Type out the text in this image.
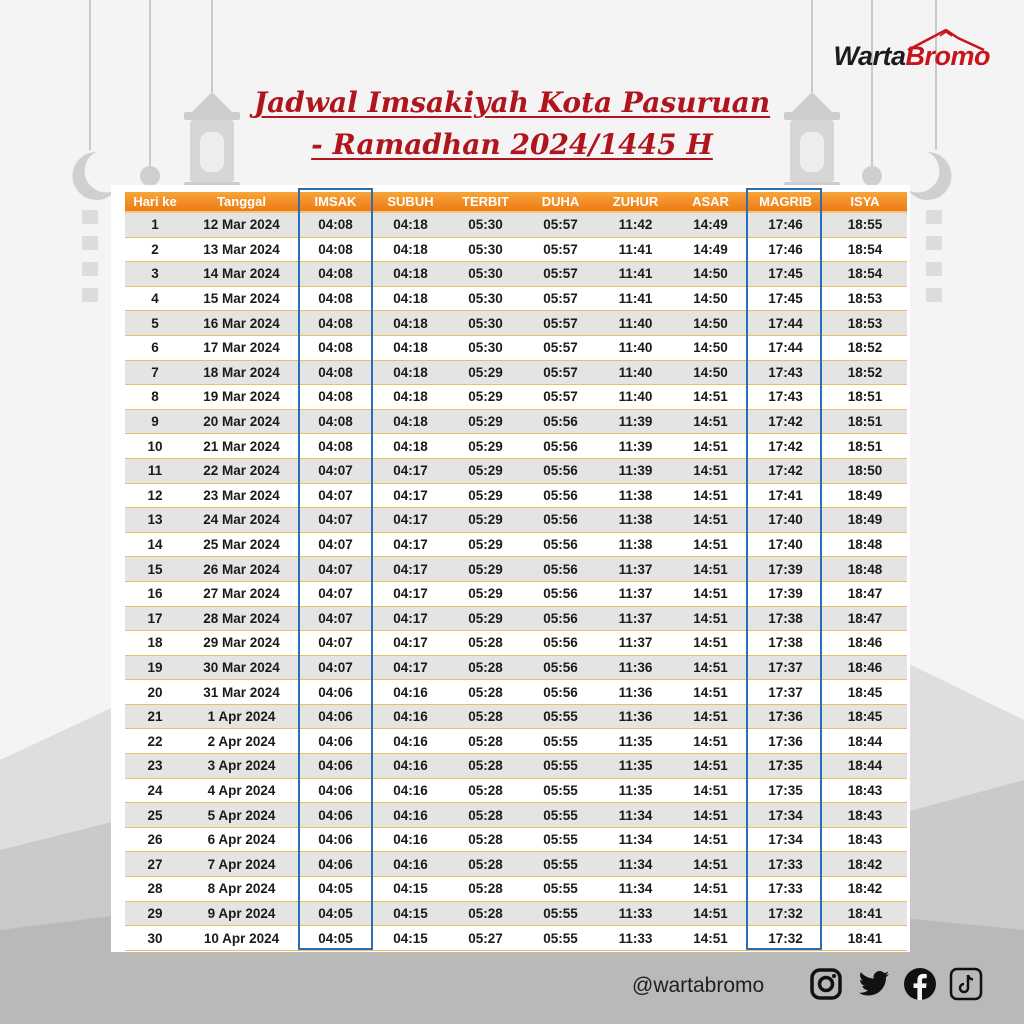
WartaBromo
Jadwal Imsakiyah Kota Pasuruan
- Ramadhan 2024/1445 H
Hari ke	Tanggal	IMSAK	SUBUH	TERBIT	DUHA	ZUHUR	ASAR	MAGRIB	ISYA
1	12 Mar 2024	04:08	04:18	05:30	05:57	11:42	14:49	17:46	18:55
2	13 Mar 2024	04:08	04:18	05:30	05:57	11:41	14:49	17:46	18:54
3	14 Mar 2024	04:08	04:18	05:30	05:57	11:41	14:50	17:45	18:54
4	15 Mar 2024	04:08	04:18	05:30	05:57	11:41	14:50	17:45	18:53
5	16 Mar 2024	04:08	04:18	05:30	05:57	11:40	14:50	17:44	18:53
6	17 Mar 2024	04:08	04:18	05:30	05:57	11:40	14:50	17:44	18:52
7	18 Mar 2024	04:08	04:18	05:29	05:57	11:40	14:50	17:43	18:52
8	19 Mar 2024	04:08	04:18	05:29	05:57	11:40	14:51	17:43	18:51
9	20 Mar 2024	04:08	04:18	05:29	05:56	11:39	14:51	17:42	18:51
10	21 Mar 2024	04:08	04:18	05:29	05:56	11:39	14:51	17:42	18:51
11	22 Mar 2024	04:07	04:17	05:29	05:56	11:39	14:51	17:42	18:50
12	23 Mar 2024	04:07	04:17	05:29	05:56	11:38	14:51	17:41	18:49
13	24 Mar 2024	04:07	04:17	05:29	05:56	11:38	14:51	17:40	18:49
14	25 Mar 2024	04:07	04:17	05:29	05:56	11:38	14:51	17:40	18:48
15	26 Mar 2024	04:07	04:17	05:29	05:56	11:37	14:51	17:39	18:48
16	27 Mar 2024	04:07	04:17	05:29	05:56	11:37	14:51	17:39	18:47
17	28 Mar 2024	04:07	04:17	05:29	05:56	11:37	14:51	17:38	18:47
18	29 Mar 2024	04:07	04:17	05:28	05:56	11:37	14:51	17:38	18:46
19	30 Mar 2024	04:07	04:17	05:28	05:56	11:36	14:51	17:37	18:46
20	31 Mar 2024	04:06	04:16	05:28	05:56	11:36	14:51	17:37	18:45
21	1 Apr 2024	04:06	04:16	05:28	05:55	11:36	14:51	17:36	18:45
22	2 Apr 2024	04:06	04:16	05:28	05:55	11:35	14:51	17:36	18:44
23	3 Apr 2024	04:06	04:16	05:28	05:55	11:35	14:51	17:35	18:44
24	4 Apr 2024	04:06	04:16	05:28	05:55	11:35	14:51	17:35	18:43
25	5 Apr 2024	04:06	04:16	05:28	05:55	11:34	14:51	17:34	18:43
26	6 Apr 2024	04:06	04:16	05:28	05:55	11:34	14:51	17:34	18:43
27	7 Apr 2024	04:06	04:16	05:28	05:55	11:34	14:51	17:33	18:42
28	8 Apr 2024	04:05	04:15	05:28	05:55	11:34	14:51	17:33	18:42
29	9 Apr 2024	04:05	04:15	05:28	05:55	11:33	14:51	17:32	18:41
30	10 Apr 2024	04:05	04:15	05:27	05:55	11:33	14:51	17:32	18:41
@wartabromo
